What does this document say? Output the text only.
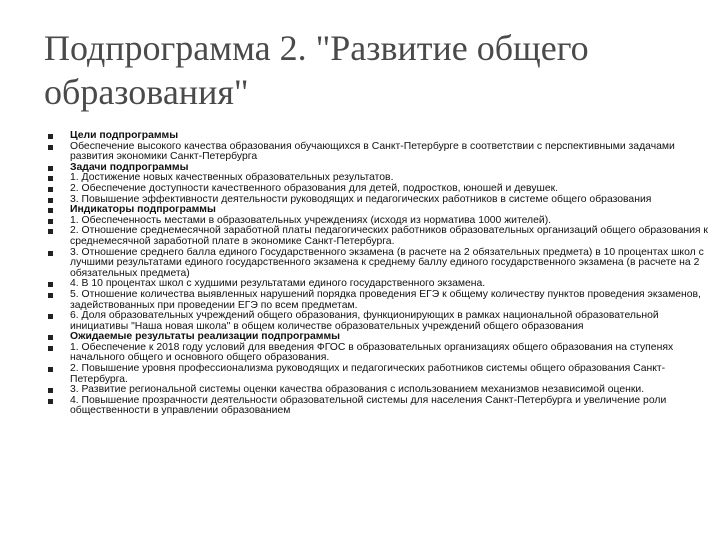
Подпрограмма 2. "Развитие общего образования"
Цели подпрограммы
Обеспечение высокого качества образования обучающихся в Санкт-Петербурге в соответствии с перспективными задачами развития экономики Санкт-Петербурга
Задачи подпрограммы
1. Достижение новых качественных образовательных результатов.
2. Обеспечение доступности качественного образования для детей, подростков, юношей и девушек.
3. Повышение эффективности деятельности руководящих и педагогических работников в системе общего образования
Индикаторы подпрограммы
1. Обеспеченность местами в образовательных учреждениях (исходя из норматива 1000 жителей).
2. Отношение среднемесячной заработной платы педагогических работников образовательных организаций общего образования к среднемесячной заработной плате в экономике Санкт-Петербурга.
3. Отношение среднего балла единого Государственного экзамена (в расчете на 2 обязательных предмета) в 10 процентах школ с лучшими результатами единого государственного экзамена к среднему баллу единого государственного экзамена (в расчете на 2 обязательных предмета)
4. В 10 процентах школ с худшими результатами единого государственного экзамена.
5. Отношение количества выявленных нарушений порядка проведения ЕГЭ к общему количеству пунктов проведения экзаменов, задействованных при проведении ЕГЭ по всем предметам.
6. Доля образовательных учреждений общего образования, функционирующих в рамках национальной образовательной инициативы "Наша новая школа" в общем количестве образовательных учреждений общего образования
Ожидаемые результаты реализации подпрограммы
1. Обеспечение к 2018 году условий для введения ФГОС в образовательных организациях общего образования на ступенях начального общего и основного общего образования.
2. Повышение уровня профессионализма руководящих и педагогических работников системы общего образования Санкт-Петербурга.
3. Развитие региональной системы оценки качества образования с использованием механизмов независимой оценки.
4. Повышение прозрачности деятельности образовательной системы для населения Санкт-Петербурга и увеличение роли общественности в управлении образованием
